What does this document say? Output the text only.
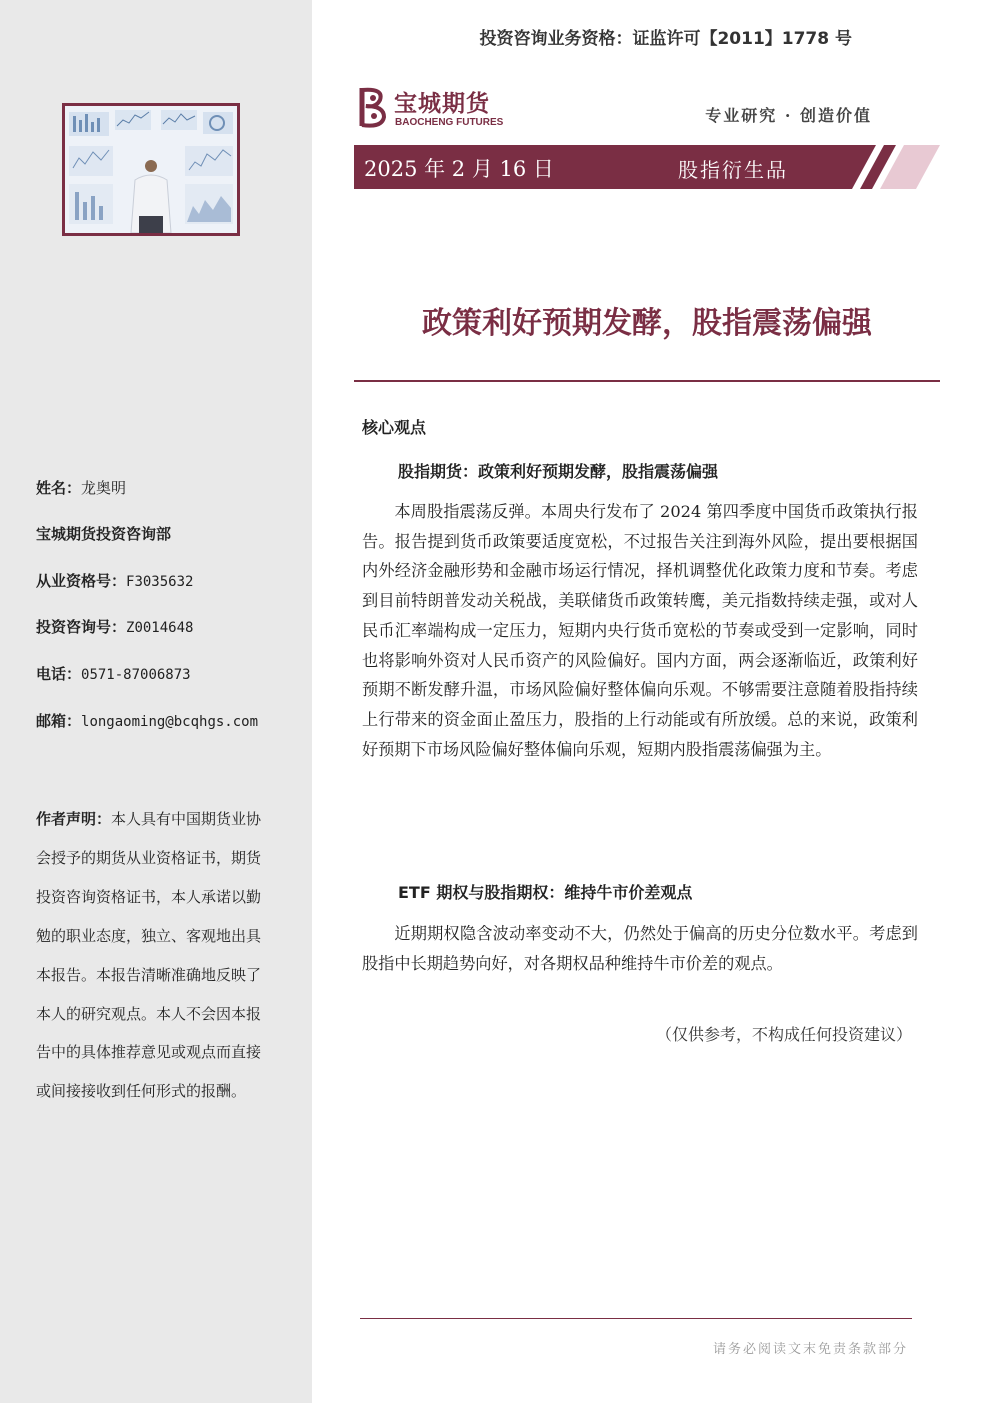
姓名：龙奥明
宝城期货投资咨询部
从业资格号：F3035632
投资咨询号：Z0014648
电话：0571-87006873
邮箱：longaoming@bcqhgs.com
作者声明：本人具有中国期货业协会授予的期货从业资格证书，期货投资咨询资格证书，本人承诺以勤勉的职业态度，独立、客观地出具本报告。本报告清晰准确地反映了本人的研究观点。本人不会因本报告中的具体推荐意见或观点而直接或间接接收到任何形式的报酬。
投资咨询业务资格：证监许可【2011】1778 号
宝城期货
BAOCHENG FUTURES	专业研究 · 创造价值
2025 年 2 月 16 日	股指衍生品
政策利好预期发酵，股指震荡偏强
核心观点
股指期货：政策利好预期发酵，股指震荡偏强
本周股指震荡反弹。本周央行发布了 2024 第四季度中国货币政策执行报告。报告提到货币政策要适度宽松，不过报告关注到海外风险，提出要根据国内外经济金融形势和金融市场运行情况，择机调整优化政策力度和节奏。考虑到目前特朗普发动关税战，美联储货币政策转鹰，美元指数持续走强，或对人民币汇率端构成一定压力，短期内央行货币宽松的节奏或受到一定影响，同时也将影响外资对人民币资产的风险偏好。国内方面，两会逐渐临近，政策利好预期不断发酵升温，市场风险偏好整体偏向乐观。不够需要注意随着股指持续上行带来的资金面止盈压力，股指的上行动能或有所放缓。总的来说，政策利好预期下市场风险偏好整体偏向乐观，短期内股指震荡偏强为主。
ETF 期权与股指期权：维持牛市价差观点
近期期权隐含波动率变动不大，仍然处于偏高的历史分位数水平。考虑到股指中长期趋势向好，对各期权品种维持牛市价差的观点。
（仅供参考，不构成任何投资建议）
请务必阅读文末免责条款部分
